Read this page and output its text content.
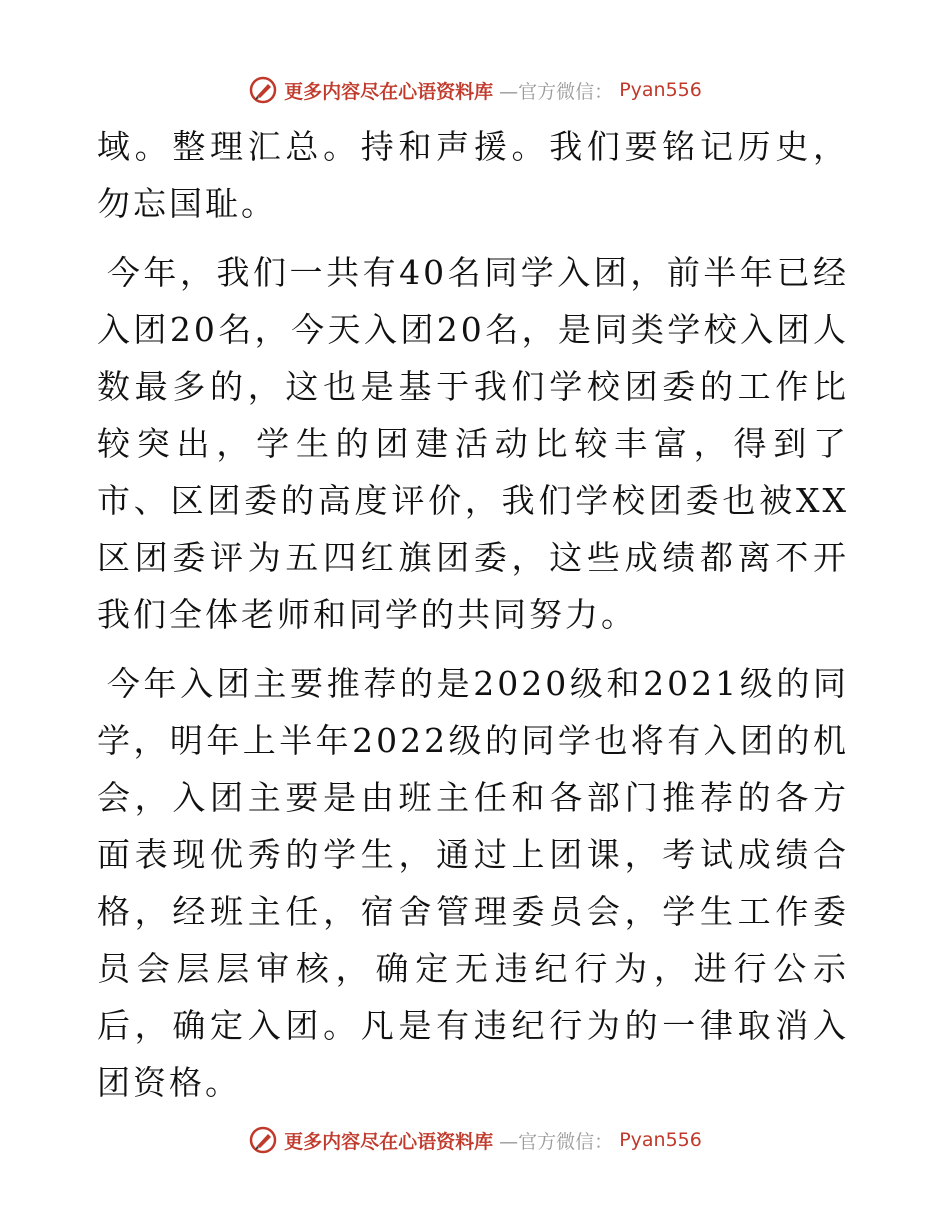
更多内容尽在心语资料库 —官方微信： Pyan556

域。整理汇总。持和声援。我们要铭记历史，勿忘国耻。

今年，我们一共有40名同学入团，前半年已经入团20名，今天入团20名，是同类学校入团人数最多的，这也是基于我们学校团委的工作比较突出，学生的团建活动比较丰富，得到了市、区团委的高度评价，我们学校团委也被XX区团委评为五四红旗团委，这些成绩都离不开我们全体老师和同学的共同努力。

今年入团主要推荐的是2020级和2021级的同学，明年上半年2022级的同学也将有入团的机会，入团主要是由班主任和各部门推荐的各方面表现优秀的学生，通过上团课，考试成绩合格，经班主任，宿舍管理委员会，学生工作委员会层层审核，确定无违纪行为，进行公示后，确定入团。凡是有违纪行为的一律取消入团资格。

更多内容尽在心语资料库 —官方微信： Pyan556
